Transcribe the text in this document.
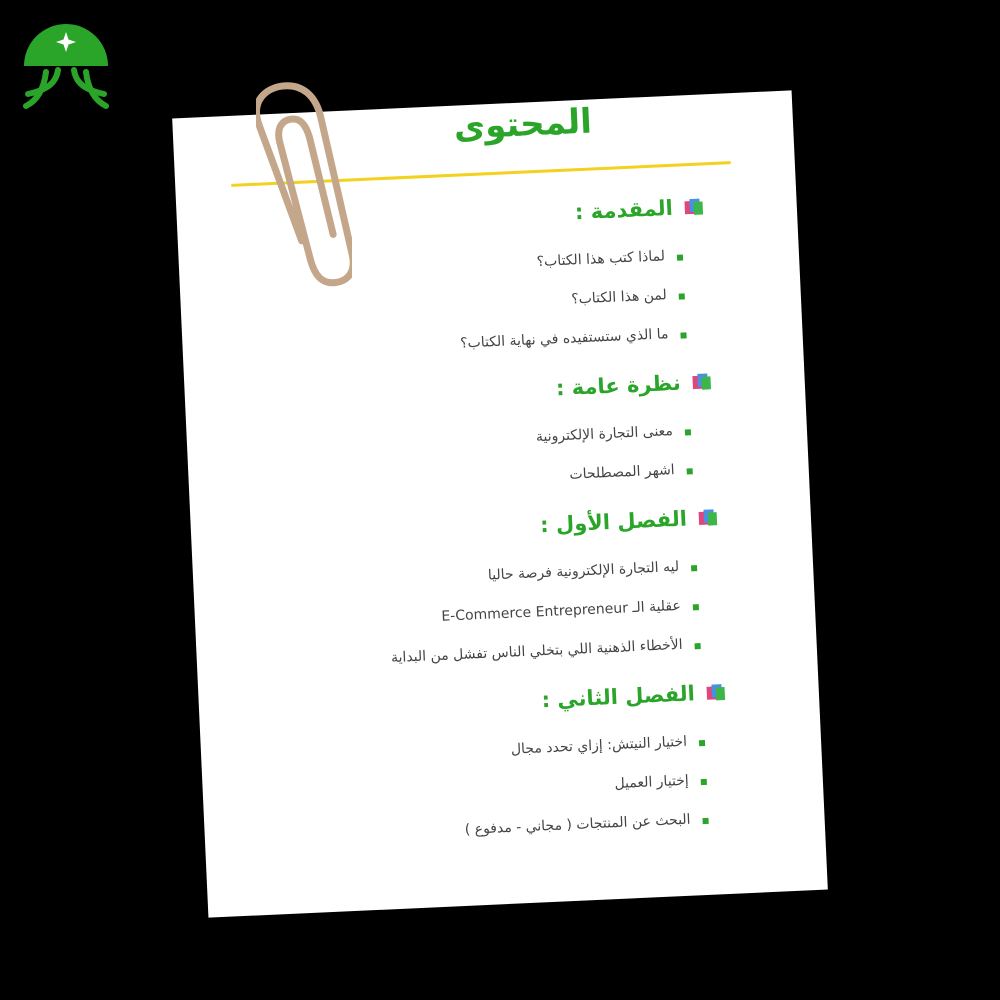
المحتوى
المقدمة :
لماذا كتب هذا الكتاب؟
لمن هذا الكتاب؟
ما الذي ستستفيده في نهاية الكتاب؟
نظرة عامة :
معنى التجارة الإلكترونية
اشهر المصطلحات
الفصل الأول :
ليه التجارة الإلكترونية فرصة حاليا
عقلية الـ E-Commerce Entrepreneur
الأخطاء الذهنية اللي بتخلي الناس تفشل من البداية
الفصل الثاني :
اختيار النيتش: إزاي تحدد مجال
إختيار العميل
البحث عن المنتجات ( مجاني - مدفوع )
